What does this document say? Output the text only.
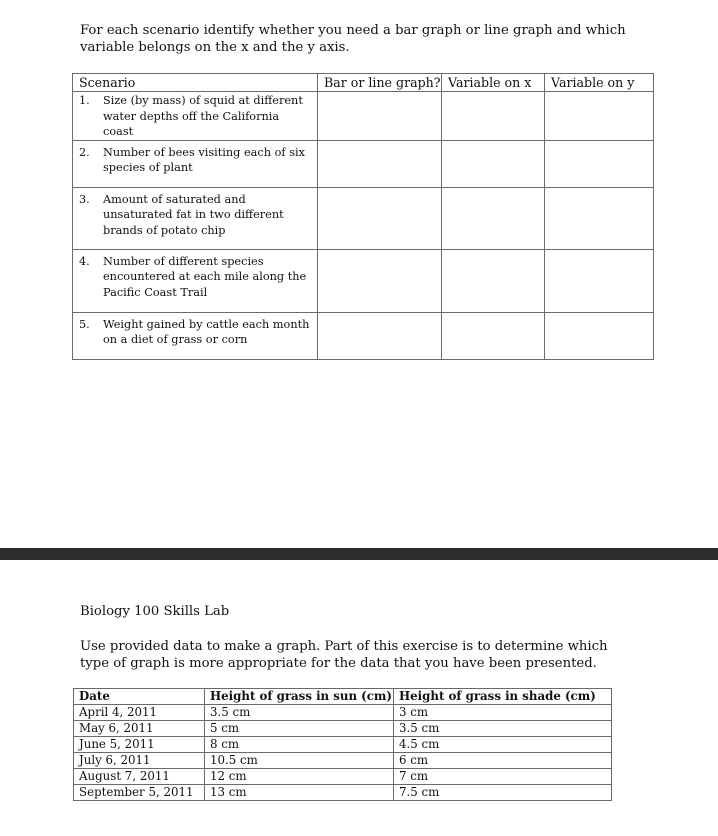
For each scenario identify whether you need a bar graph or line graph and which variable belongs on the x and the y axis.

Scenario	Bar or line graph?	Variable on x	Variable on y

1. Size (by mass) of squid at different water depths off the California coast			

2. Number of bees visiting each of six species of plant			

3. Amount of saturated and unsaturated fat in two different brands of potato chip			

4. Number of different species encountered at each mile along the Pacific Coast Trail			

5. Weight gained by cattle each month on a diet of grass or corn			

Biology 100 Skills Lab

Use provided data to make a graph. Part of this exercise is to determine which type of graph is more appropriate for the data that you have been presented.

Date	Height of grass in sun (cm)	Height of grass in shade (cm)
April 4, 2011	3.5 cm	3 cm
May 6, 2011	5 cm	3.5 cm
June 5, 2011	8 cm	4.5 cm
July 6, 2011	10.5 cm	6 cm
August 7, 2011	12 cm	7 cm
September 5, 2011	13 cm	7.5 cm
